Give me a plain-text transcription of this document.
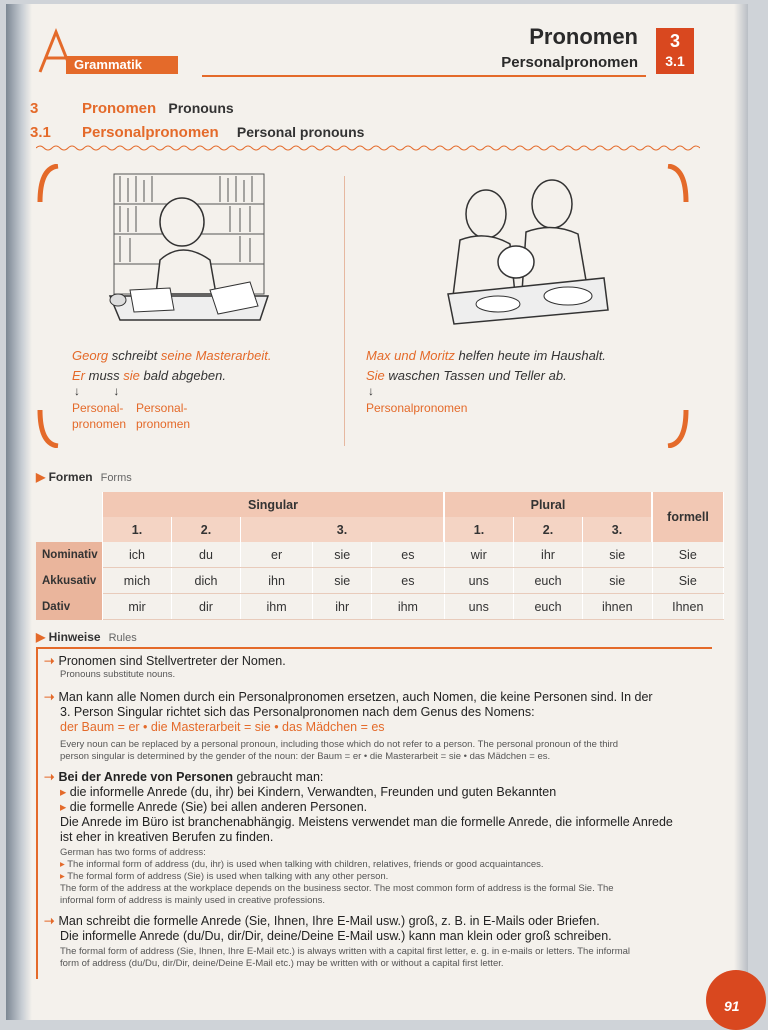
Grammatik
Pronomen
Personalpronomen
3
3.1
3	Pronomen Pronouns
3.1 Personalpronomen Personal pronouns
Georg schreibt seine Masterarbeit.
Er muss sie bald abgeben.
↓          ↓
Personal-
pronomen
Personal-
pronomen
Max und Moritz helfen heute im Haushalt.
Sie waschen Tassen und Teller ab.
↓
Personalpronomen
▶ Formen Forms
	Singular					Plural			formell
	1.	2.	3.			1.	2.	3.	
Nominativ	ich	du	er	sie	es	wir	ihr	sie	Sie
Akkusativ	mich	dich	ihn	sie	es	uns	euch	sie	Sie
Dativ	mir	dir	ihm	ihr	ihm	uns	euch	ihnen	Ihnen
▶ Hinweise Rules
➝ Pronomen sind Stellvertreter der Nomen.
Pronouns substitute nouns.
➝ Man kann alle Nomen durch ein Personalpronomen ersetzen, auch Nomen, die keine Personen sind. In der
3. Person Singular richtet sich das Personalpronomen nach dem Genus des Nomens:
der Baum = er • die Masterarbeit = sie • das Mädchen = es
Every noun can be replaced by a personal pronoun, including those which do not refer to a person. The personal pronoun of the third
person singular is determined by the gender of the noun: der Baum = er • die Masterarbeit = sie • das Mädchen = es.
➝ Bei der Anrede von Personen gebraucht man:
▸ die informelle Anrede (du, ihr) bei Kindern, Verwandten, Freunden und guten Bekannten
▸ die formelle Anrede (Sie) bei allen anderen Personen.
Die Anrede im Büro ist branchenabhängig. Meistens verwendet man die formelle Anrede, die informelle Anrede
ist eher in kreativen Berufen zu finden.
German has two forms of address:
▸ The informal form of address (du, ihr) is used when talking with children, relatives, friends or good acquaintances.
▸ The formal form of address (Sie) is used when talking with any other person.
The form of the address at the workplace depends on the business sector. The most common form of address is the formal Sie. The
informal form of address is mainly used in creative professions.
➝ Man schreibt die formelle Anrede (Sie, Ihnen, Ihre E-Mail usw.) groß, z. B. in E-Mails oder Briefen.
Die informelle Anrede (du/Du, dir/Dir, deine/Deine E-Mail usw.) kann man klein oder groß schreiben.
The formal form of address (Sie, Ihnen, Ihre E-Mail etc.) is always written with a capital first letter, e. g. in e-mails or letters. The informal
form of address (du/Du, dir/Dir, deine/Deine E-Mail etc.) may be written with or without a capital first letter.
91
